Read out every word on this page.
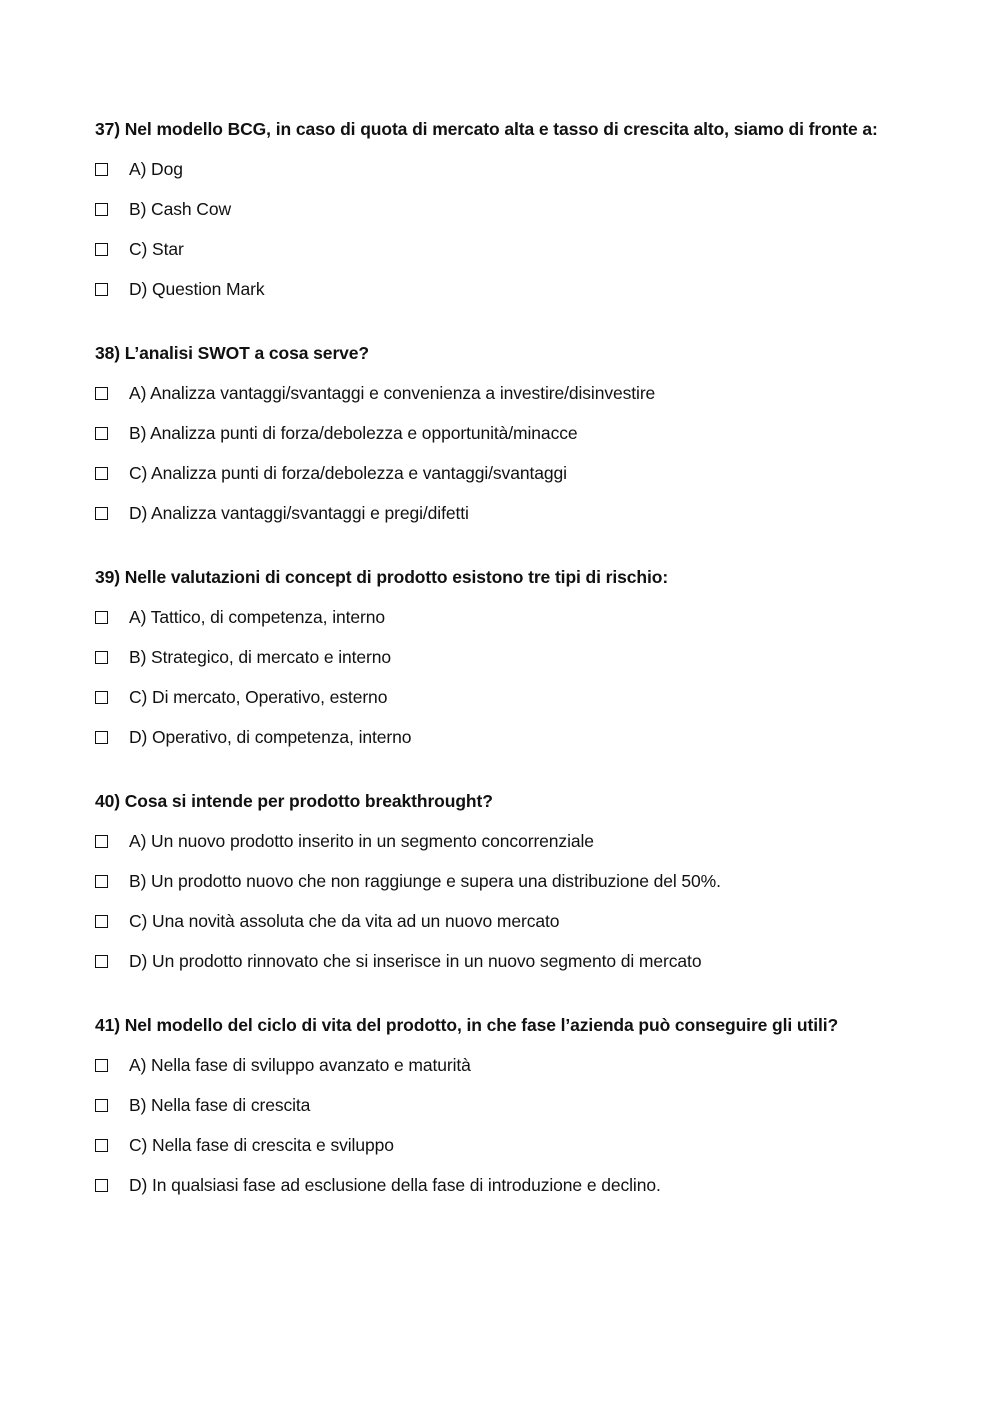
37) Nel modello BCG, in caso di quota di mercato alta e tasso di crescita alto, siamo di fronte a:
A) Dog
B) Cash Cow
C) Star
D) Question Mark
38) L’analisi SWOT a cosa serve?
A) Analizza vantaggi/svantaggi e convenienza a investire/disinvestire
B) Analizza punti di forza/debolezza e opportunità/minacce
C) Analizza punti di forza/debolezza e vantaggi/svantaggi
D) Analizza vantaggi/svantaggi e pregi/difetti
39) Nelle valutazioni di concept di prodotto esistono tre tipi di rischio:
A) Tattico, di competenza, interno
B) Strategico, di mercato e interno
C) Di mercato, Operativo, esterno
D) Operativo, di competenza, interno
40) Cosa si intende per prodotto breakthrought?
A) Un nuovo prodotto inserito in un segmento concorrenziale
B) Un prodotto nuovo che non raggiunge e supera una distribuzione del 50%.
C) Una novità assoluta che da vita ad un nuovo mercato
D) Un prodotto rinnovato che si inserisce in un nuovo segmento di mercato
41) Nel modello del ciclo di vita del prodotto, in che fase l’azienda può conseguire gli utili?
A) Nella fase di sviluppo avanzato e maturità
B) Nella fase di crescita
C) Nella fase di crescita e sviluppo
D) In qualsiasi fase ad esclusione della fase di introduzione e declino.
